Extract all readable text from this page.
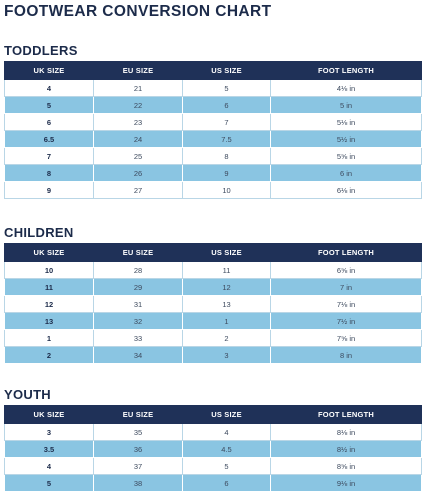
FOOTWEAR CONVERSION CHART
TODDLERS
UK SIZE	EU SIZE	US SIZE	FOOT LENGTH
4	21	5	4⅛ in
5	22	6	5 in
6	23	7	5⅛ in
6.5	24	7.5	5½ in
7	25	8	5⅝ in
8	26	9	6 in
9	27	10	6⅛ in
CHILDREN
UK SIZE	EU SIZE	US SIZE	FOOT LENGTH
10	28	11	6⅝ in
11	29	12	7 in
12	31	13	7⅛ in
13	32	1	7½ in
1	33	2	7⅝ in
2	34	3	8 in
YOUTH
UK SIZE	EU SIZE	US SIZE	FOOT LENGTH
3	35	4	8⅛ in
3.5	36	4.5	8½ in
4	37	5	8⅝ in
5	38	6	9⅛ in
